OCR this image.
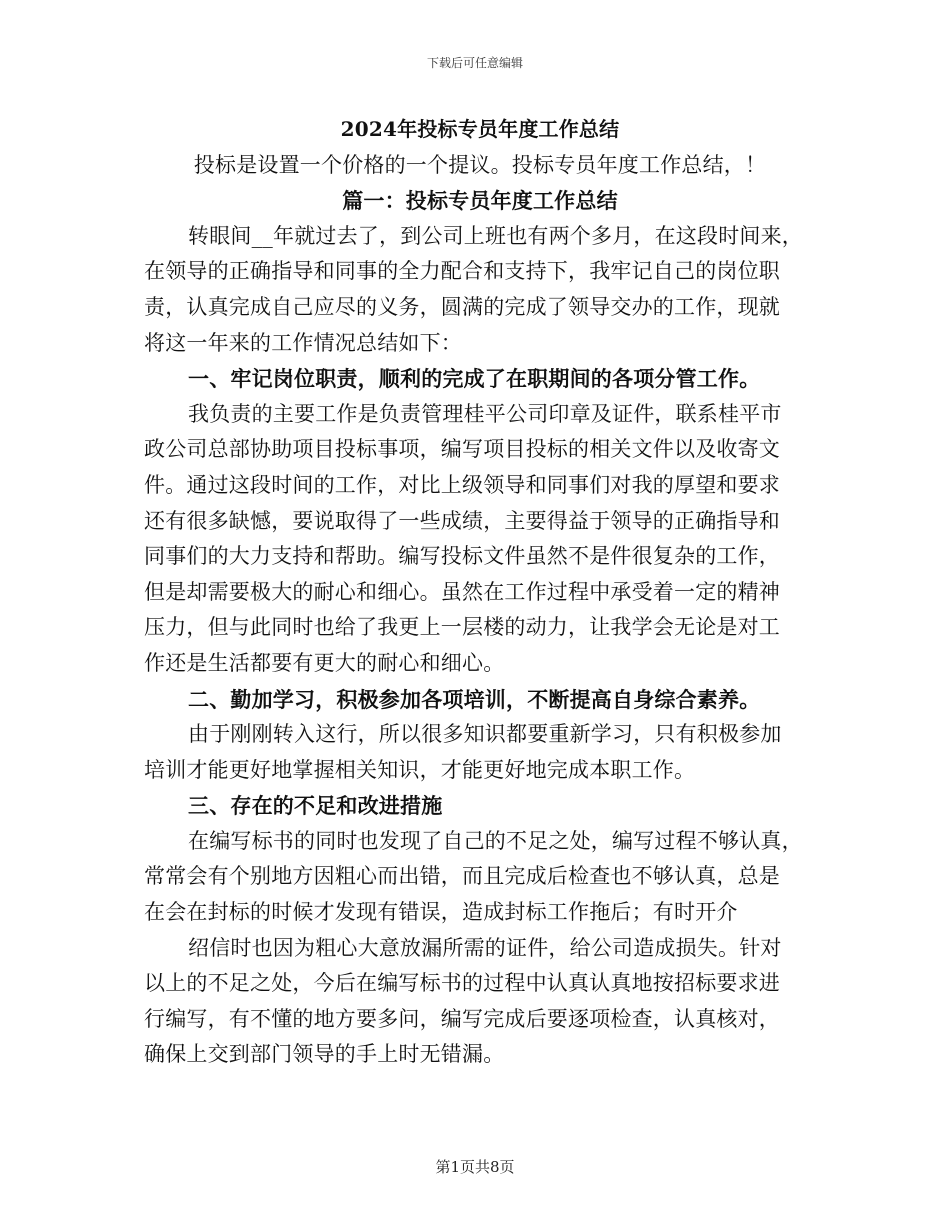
下载后可任意编辑
2024年投标专员年度工作总结
投标是设置一个价格的一个提议。投标专员年度工作总结，！
篇一：投标专员年度工作总结
转眼间__年就过去了，到公司上班也有两个多月，在这段时间来，
在领导的正确指导和同事的全力配合和支持下，我牢记自己的岗位职
责，认真完成自己应尽的义务，圆满的完成了领导交办的工作，现就
将这一年来的工作情况总结如下：
一、牢记岗位职责，顺利的完成了在职期间的各项分管工作。
我负责的主要工作是负责管理桂平公司印章及证件，联系桂平市
政公司总部协助项目投标事项，编写项目投标的相关文件以及收寄文
件。通过这段时间的工作，对比上级领导和同事们对我的厚望和要求
还有很多缺憾，要说取得了一些成绩，主要得益于领导的正确指导和
同事们的大力支持和帮助。编写投标文件虽然不是件很复杂的工作，
但是却需要极大的耐心和细心。虽然在工作过程中承受着一定的精神
压力，但与此同时也给了我更上一层楼的动力，让我学会无论是对工
作还是生活都要有更大的耐心和细心。
二、勤加学习，积极参加各项培训，不断提高自身综合素养。
由于刚刚转入这行，所以很多知识都要重新学习，只有积极参加
培训才能更好地掌握相关知识，才能更好地完成本职工作。
三、存在的不足和改进措施
在编写标书的同时也发现了自己的不足之处，编写过程不够认真，
常常会有个别地方因粗心而出错，而且完成后检查也不够认真，总是
在会在封标的时候才发现有错误，造成封标工作拖后；有时开介
绍信时也因为粗心大意放漏所需的证件，给公司造成损失。针对
以上的不足之处，今后在编写标书的过程中认真认真地按招标要求进
行编写，有不懂的地方要多问，编写完成后要逐项检查，认真核对，
确保上交到部门领导的手上时无错漏。
第1页共8页
